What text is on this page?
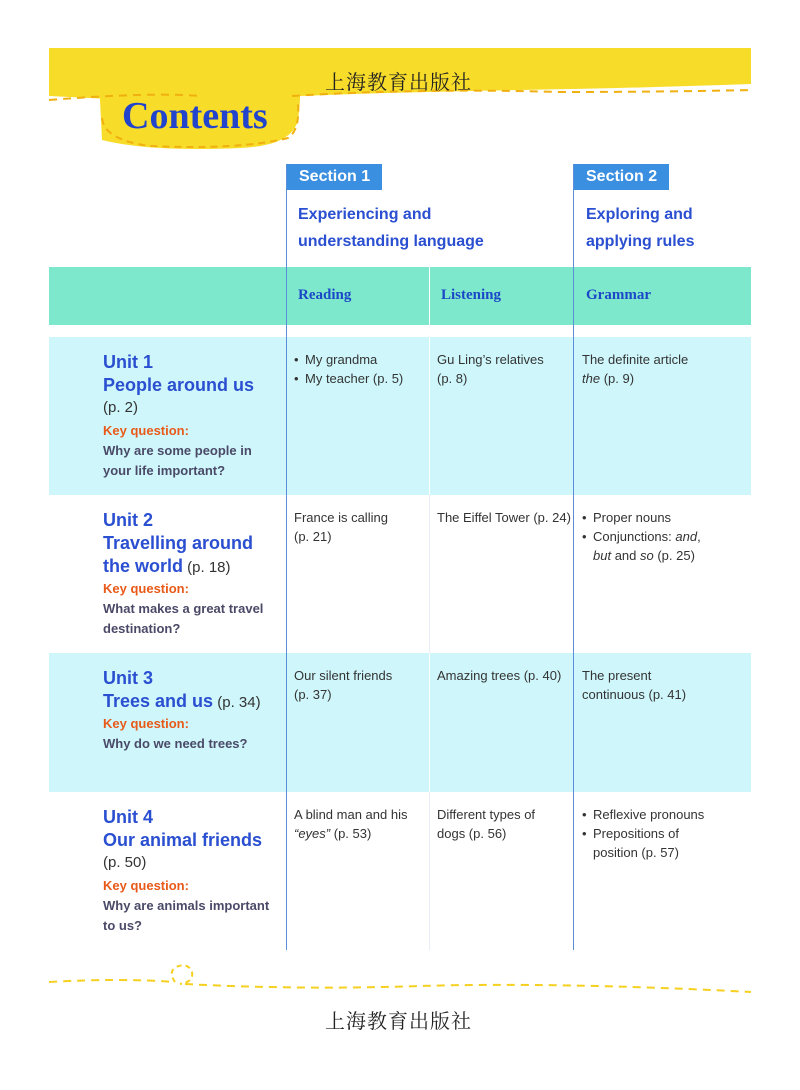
上海教育出版社
Contents
Section 1
Experiencing and
understanding language
Section 2
Exploring and
applying rules
Reading	Listening	Grammar
Unit 1
People around us
(p. 2)
Key question:
Why are some people in
your life important?
• My grandma
• My teacher (p. 5)
Gu Ling’s relatives
(p. 8)
The definite article
the (p. 9)
Unit 2
Travelling around
the world (p. 18)
Key question:
What makes a great travel
destination?
France is calling
(p. 21)
The Eiffel Tower (p. 24)
•	Proper nouns
• Conjunctions: and,
but and so (p. 25)
Unit 3
Trees and us (p. 34)
Key question:
Why do we need trees?
Our silent friends
(p. 37)
Amazing trees (p. 40)	The present
continuous (p. 41)
Unit 4
Our animal friends
(p. 50)
Key question:
Why are animals important
to us?
A blind man and his
“eyes” (p. 53)
Different types of
dogs (p. 56)
• Reflexive pronouns
• Prepositions of
position (p. 57)
上海教育出版社
